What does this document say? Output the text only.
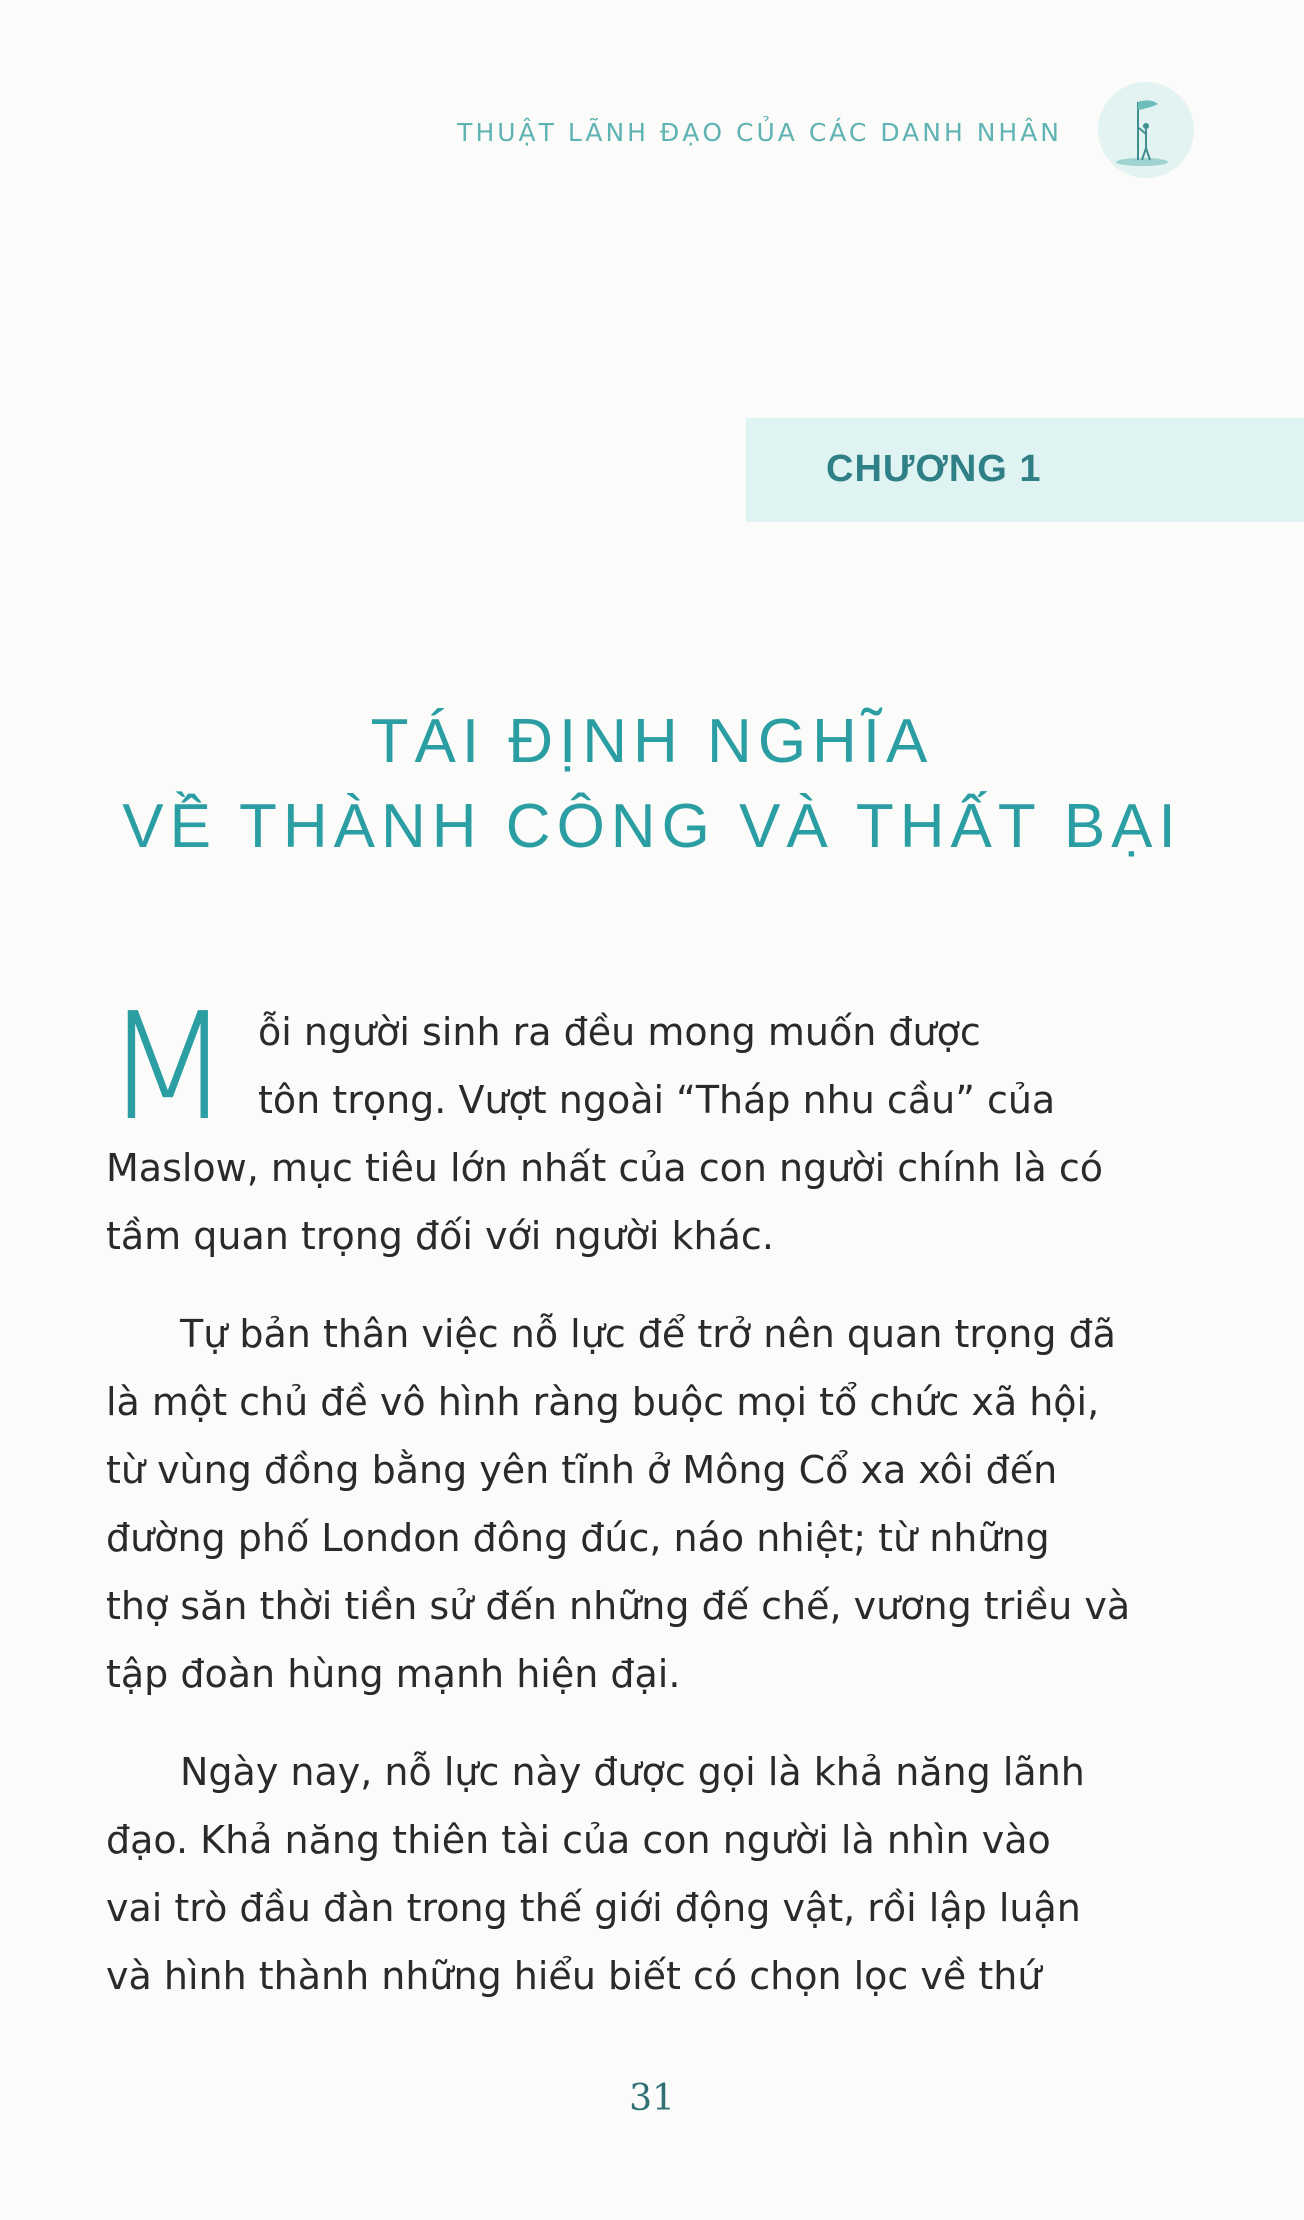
THUẬT LÃNH ĐẠO CỦA CÁC DANH NHÂN
CHƯƠNG 1
TÁI ĐỊNH NGHĨA
VỀ THÀNH CÔNG VÀ THẤT BẠI
M ỗi người sinh ra đều mong muốn được
tôn trọng. Vượt ngoài “Tháp nhu cầu” của
Maslow, mục tiêu lớn nhất của con người chính là có
tầm quan trọng đối với người khác.
Tự bản thân việc nỗ lực để trở nên quan trọng đã
là một chủ đề vô hình ràng buộc mọi tổ chức xã hội,
từ vùng đồng bằng yên tĩnh ở Mông Cổ xa xôi đến
đường phố London đông đúc, náo nhiệt; từ những
thợ săn thời tiền sử đến những đế chế, vương triều và
tập đoàn hùng mạnh hiện đại.
Ngày nay, nỗ lực này được gọi là khả năng lãnh
đạo. Khả năng thiên tài của con người là nhìn vào
vai trò đầu đàn trong thế giới động vật, rồi lập luận
và hình thành những hiểu biết có chọn lọc về thứ
31
